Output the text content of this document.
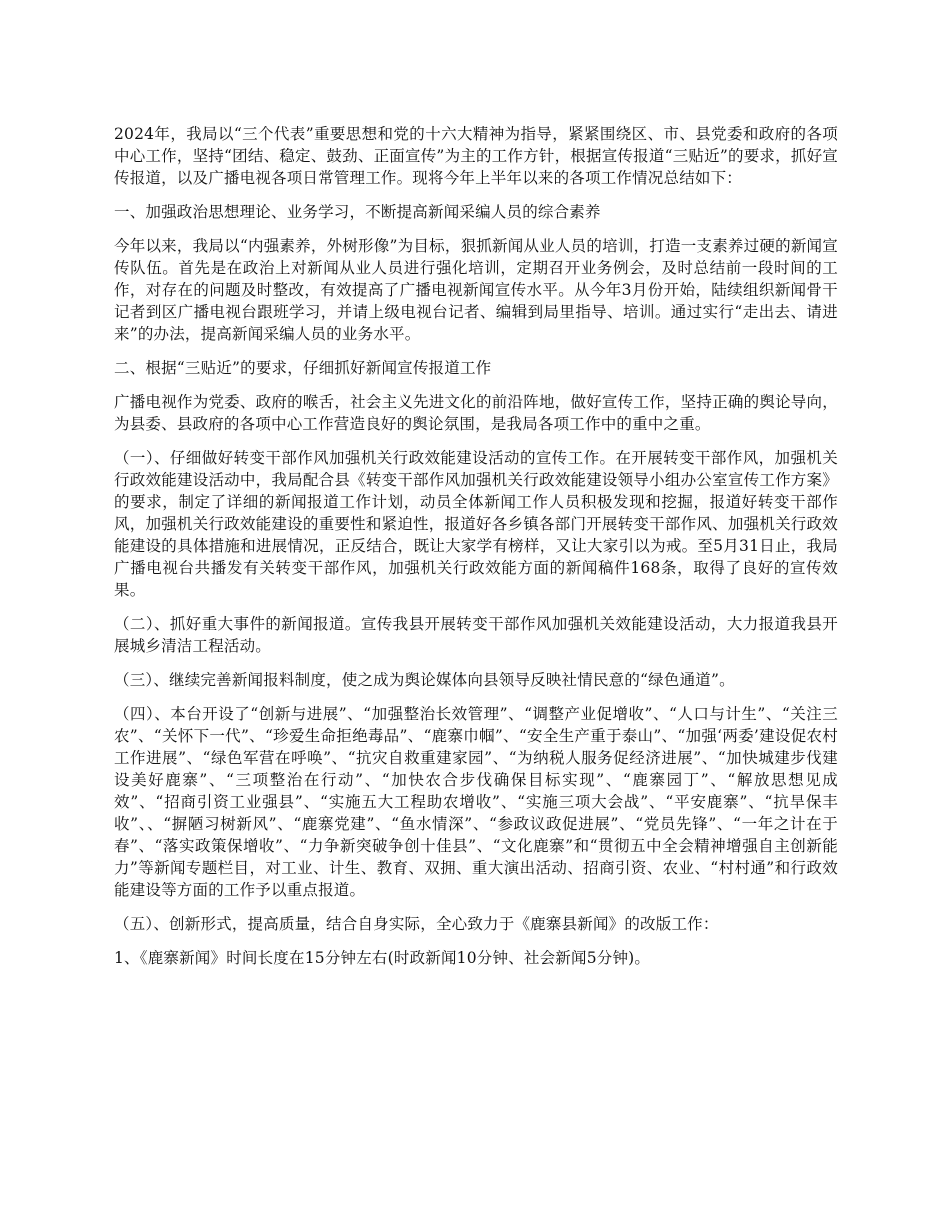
2024年，我局以“三个代表”重要思想和党的十六大精神为指导，紧紧围绕区、市、县党委和政府的各项中心工作，坚持“团结、稳定、鼓劲、正面宣传”为主的工作方针，根据宣传报道“三贴近”的要求，抓好宣传报道，以及广播电视各项日常管理工作。现将今年上半年以来的各项工作情况总结如下：

一、加强政治思想理论、业务学习，不断提高新闻采编人员的综合素养

今年以来，我局以“内强素养，外树形像”为目标，狠抓新闻从业人员的培训，打造一支素养过硬的新闻宣传队伍。首先是在政治上对新闻从业人员进行强化培训，定期召开业务例会，及时总结前一段时间的工作，对存在的问题及时整改，有效提高了广播电视新闻宣传水平。从今年3月份开始，陆续组织新闻骨干记者到区广播电视台跟班学习，并请上级电视台记者、编辑到局里指导、培训。通过实行“走出去、请进来”的办法，提高新闻采编人员的业务水平。

二、根据“三贴近”的要求，仔细抓好新闻宣传报道工作

广播电视作为党委、政府的喉舌，社会主义先进文化的前沿阵地，做好宣传工作，坚持正确的舆论导向，为县委、县政府的各项中心工作营造良好的舆论氛围，是我局各项工作中的重中之重。

（一）、仔细做好转变干部作风加强机关行政效能建设活动的宣传工作。在开展转变干部作风，加强机关行政效能建设活动中，我局配合县《转变干部作风加强机关行政效能建设领导小组办公室宣传工作方案》的要求，制定了详细的新闻报道工作计划，动员全体新闻工作人员积极发现和挖掘，报道好转变干部作风，加强机关行政效能建设的重要性和紧迫性，报道好各乡镇各部门开展转变干部作风、加强机关行政效能建设的具体措施和进展情况，正反结合，既让大家学有榜样，又让大家引以为戒。至5月31日止，我局广播电视台共播发有关转变干部作风，加强机关行政效能方面的新闻稿件168条，取得了良好的宣传效果。

（二）、抓好重大事件的新闻报道。宣传我县开展转变干部作风加强机关效能建设活动，大力报道我县开展城乡清洁工程活动。

（三）、继续完善新闻报料制度，使之成为舆论媒体向县领导反映社情民意的“绿色通道”。

（四）、本台开设了“创新与进展”、“加强整治长效管理”、“调整产业促增收”、“人口与计生”、“关注三农”、“关怀下一代”、“珍爱生命拒绝毒品”、“鹿寨巾帼”、“安全生产重于泰山”、“加强‘两委’建设促农村工作进展”、“绿色军营在呼唤”、“抗灾自救重建家园”、“为纳税人服务促经济进展”、“加快城建步伐建设美好鹿寨”、“三项整治在行动”、“加快农合步伐确保目标实现”、“鹿寨园丁”、“解放思想见成效”、“招商引资工业强县”、“实施五大工程助农增收”、“实施三项大会战”、“平安鹿寨”、“抗旱保丰收”、、“摒陋习树新风”、“鹿寨党建”、“鱼水情深”、“参政议政促进展”、“党员先锋”、“一年之计在于春”、“落实政策保增收”、“力争新突破争创十佳县”、“文化鹿寨”和“贯彻五中全会精神增强自主创新能力”等新闻专题栏目，对工业、计生、教育、双拥、重大演出活动、招商引资、农业、“村村通”和行政效能建设等方面的工作予以重点报道。

（五）、创新形式，提高质量，结合自身实际，全心致力于《鹿寨县新闻》的改版工作：

1、《鹿寨新闻》时间长度在15分钟左右(时政新闻10分钟、社会新闻5分钟)。
